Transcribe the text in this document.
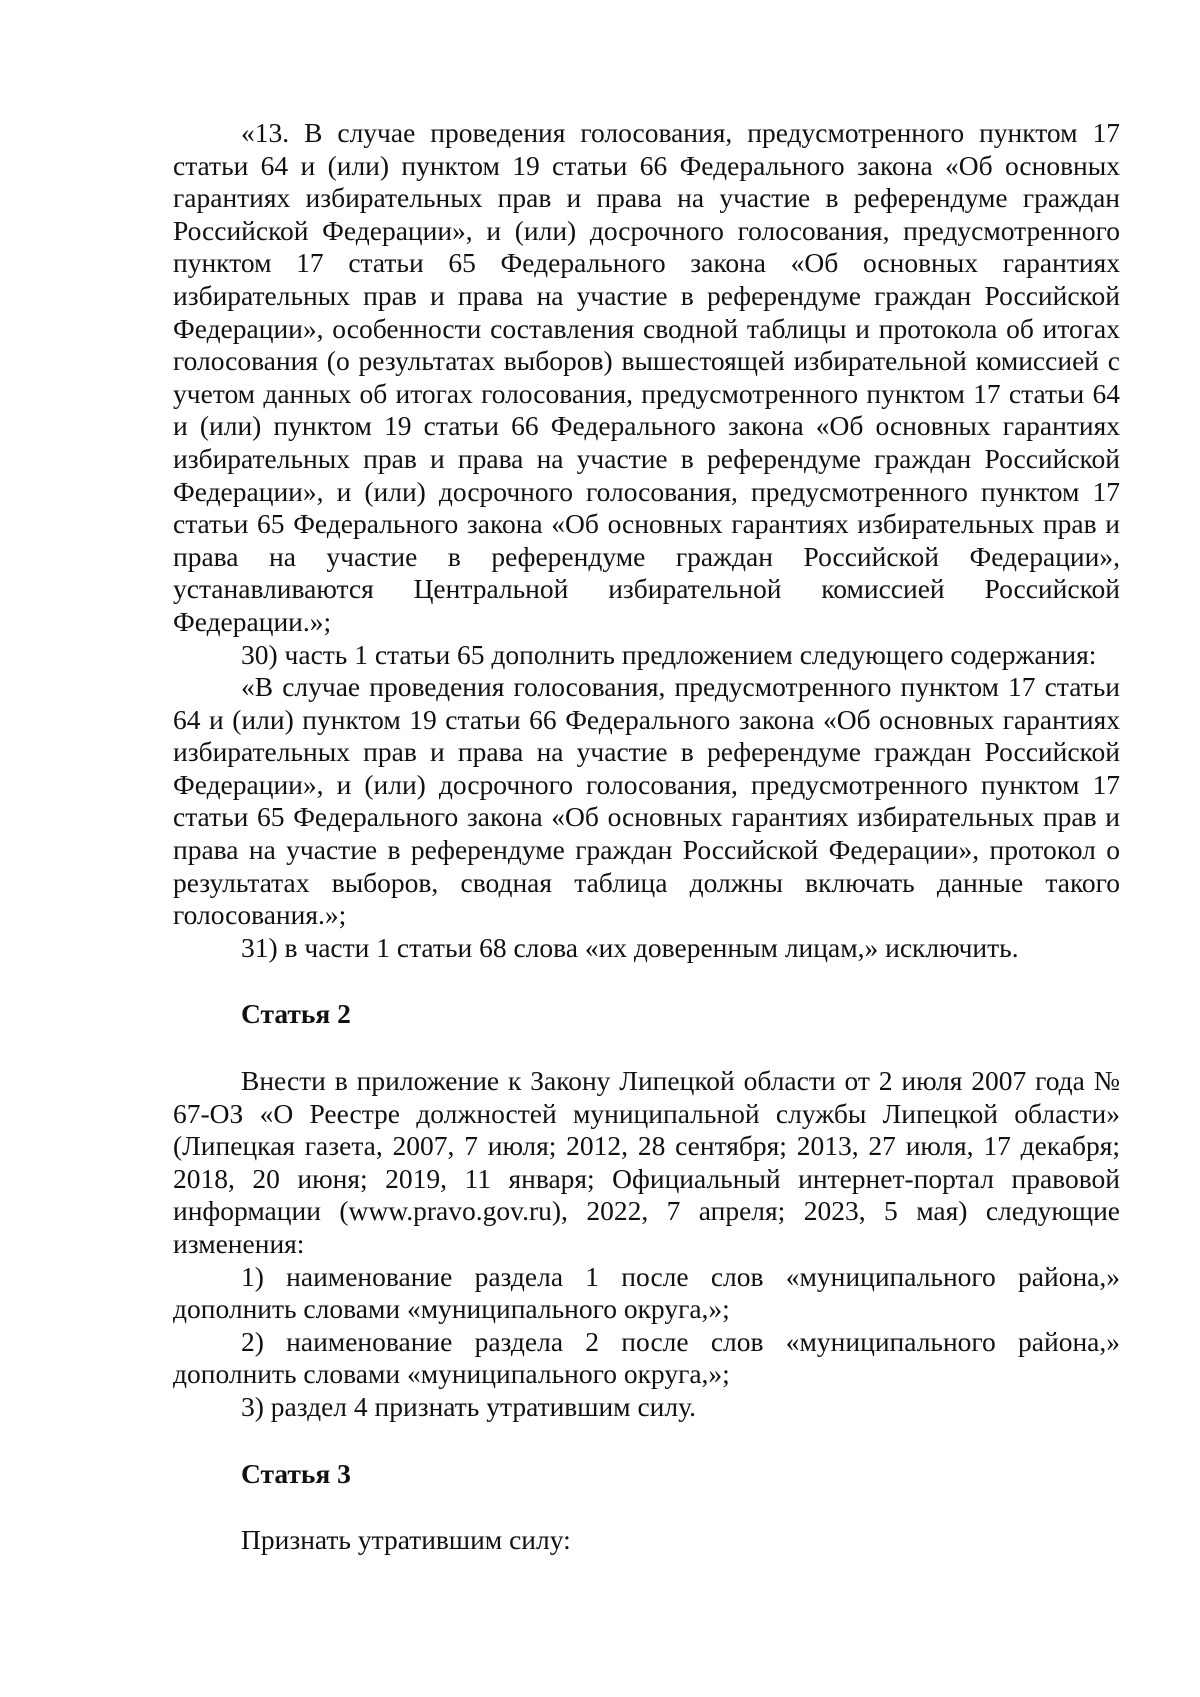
«13. В случае проведения голосования, предусмотренного пунктом 17 статьи 64 и (или) пунктом 19 статьи 66 Федерального закона «Об основных гарантиях избирательных прав и права на участие в референдуме граждан Российской Федерации», и (или) досрочного голосования, предусмотренного пунктом 17 статьи 65 Федерального закона «Об основных гарантиях избирательных прав и права на участие в референдуме граждан Российской Федерации», особенности составления сводной таблицы и протокола об итогах голосования (о результатах выборов) вышестоящей избирательной комиссией с учетом данных об итогах голосования, предусмотренного пунктом 17 статьи 64 и (или) пунктом 19 статьи 66 Федерального закона «Об основных гарантиях избирательных прав и права на участие в референдуме граждан Российской Федерации», и (или) досрочного голосования, предусмотренного пунктом 17 статьи 65 Федерального закона «Об основных гарантиях избирательных прав и права на участие в референдуме граждан Российской Федерации», устанавливаются Центральной избирательной комиссией Российской Федерации.»;

30) часть 1 статьи 65 дополнить предложением следующего содержания:

«В случае проведения голосования, предусмотренного пунктом 17 статьи 64 и (или) пунктом 19 статьи 66 Федерального закона «Об основных гарантиях избирательных прав и права на участие в референдуме граждан Российской Федерации», и (или) досрочного голосования, предусмотренного пунктом 17 статьи 65 Федерального закона «Об основных гарантиях избирательных прав и права на участие в референдуме граждан Российской Федерации», протокол о результатах выборов, сводная таблица должны включать данные такого голосования.»;

31) в части 1 статьи 68 слова «их доверенным лицам,» исключить.

Статья 2

Внести в приложение к Закону Липецкой области от 2 июля 2007 года № 67-ОЗ «О Реестре должностей муниципальной службы Липецкой области» (Липецкая газета, 2007, 7 июля; 2012, 28 сентября; 2013, 27 июля, 17 декабря; 2018, 20 июня; 2019, 11 января; Официальный интернет-портал правовой информации (www.pravo.gov.ru), 2022, 7 апреля; 2023, 5 мая) следующие изменения:

1) наименование раздела 1 после слов «муниципального района,» дополнить словами «муниципального округа,»;

2) наименование раздела 2 после слов «муниципального района,» дополнить словами «муниципального округа,»;

3) раздел 4 признать утратившим силу.

Статья 3

Признать утратившим силу:
